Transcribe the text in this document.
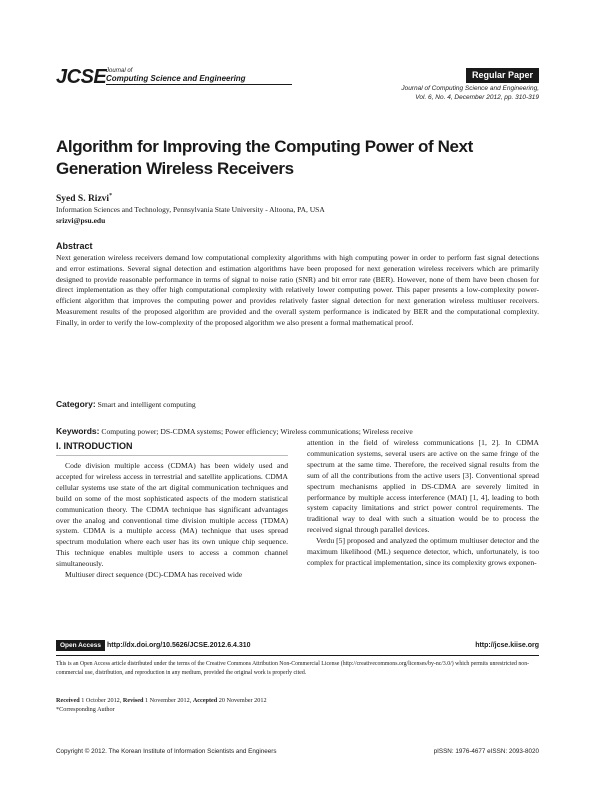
JCSE Journal of
Computing Science and Engineering	Regular Paper
Journal of Computing Science and Engineering,
Vol. 6, No. 4, December 2012, pp. 310-319
Algorithm for Improving the Computing Power of Next Generation Wireless Receivers
Syed S. Rizvi*
Information Sciences and Technology, Pennsylvania State University - Altoona, PA, USA
srizvi@psu.edu
Abstract

Next generation wireless receivers demand low computational complexity algorithms with high computing power in order to perform fast signal detections and error estimations. Several signal detection and estimation algorithms have been proposed for next generation wireless receivers which are primarily designed to provide reasonable performance in terms of signal to noise ratio (SNR) and bit error rate (BER). However, none of them have been chosen for direct implementation as they offer high computational complexity with relatively lower computing power. This paper presents a low-complexity power-efficient algorithm that improves the computing power and provides relatively faster signal detection for next generation wireless multiuser receivers. Measurement results of the proposed algorithm are provided and the overall system performance is indicated by BER and the computational complexity. Finally, in order to verify the low-complexity of the proposed algorithm we also present a formal mathematical proof.

Category: Smart and intelligent computing
Keywords: Computing power; DS-CDMA systems; Power efficiency; Wireless communications; Wireless receive
I. INTRODUCTION

Code division multiple access (CDMA) has been widely used and accepted for wireless access in terrestrial and satellite applications. CDMA cellular systems use state of the art digital communication techniques and build on some of the most sophisticated aspects of the modern statistical communication theory. The CDMA technique has significant advantages over the analog and conventional time division multiple access (TDMA) system. CDMA is a multiple access (MA) technique that uses spread spectrum modulation where each user has its own unique chip sequence. This technique enables multiple users to access a common channel simultaneously.

Multiuser direct sequence (DC)-CDMA has received wide

attention in the field of wireless communications [1, 2]. In CDMA communication systems, several users are active on the same fringe of the spectrum at the same time. Therefore, the received signal results from the sum of all the contributions from the active users [3]. Conventional spread spectrum mechanisms applied in DS-CDMA are severely limited in performance by multiple access interference (MAI) [1, 4], leading to both system capacity limitations and strict power control requirements. The traditional way to deal with such a situation would be to process the received signal through parallel devices.

Verdu [5] proposed and analyzed the optimum multiuser detector and the maximum likelihood (ML) sequence detector, which, unfortunately, is too complex for practical implementation, since its complexity grows exponen-

Open Access http://dx.doi.org/10.5626/JCSE.2012.6.4.310	http://jcse.kiise.org

This is an Open Access article distributed under the terms of the Creative Commons Attribution Non-Commercial License (http://creativecommons.org/licenses/by-nc/3.0/) which permits unrestricted non-commercial use, distribution, and reproduction in any medium, provided the original work is properly cited.

Received 1 October 2012, Revised 1 November 2012, Accepted 20 November 2012
*Corresponding Author
Copyright © 2012. The Korean Institute of Information Scientists and Engineers	pISSN: 1976-4677 eISSN: 2093-8020
